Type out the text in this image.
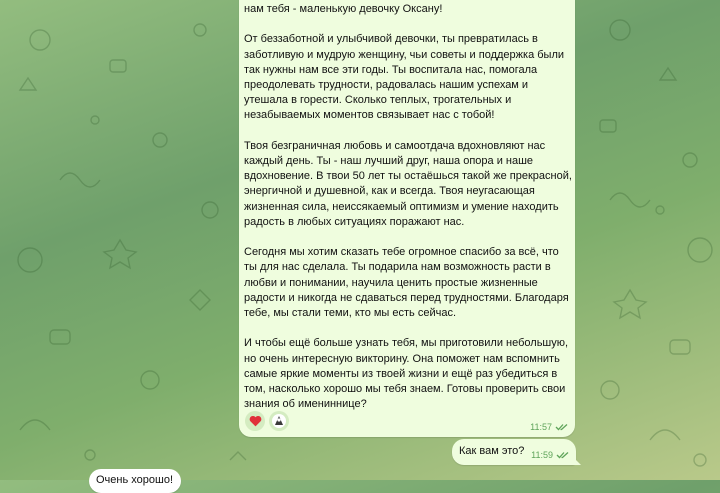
нам тебя - маленькую девочку Оксану!

От беззаботной и улыбчивой девочки, ты превратилась в заботливую и мудрую женщину, чьи советы и поддержка были так нужны нам все эти годы. Ты воспитала нас, помогала преодолевать трудности, радовалась нашим успехам и утешала в горести. Сколько теплых, трогательных и незабываемых моментов связывает нас с тобой!

Твоя безграничная любовь и самоотдача вдохновляют нас каждый день. Ты - наш лучший друг, наша опора и наше вдохновение. В твои 50 лет ты остаёшься такой же прекрасной, энергичной и душевной, как и всегда. Твоя неугасающая жизненная сила, неиссякаемый оптимизм и умение находить радость в любых ситуациях поражают нас.

Сегодня мы хотим сказать тебе огромное спасибо за всё, что ты для нас сделала. Ты подарила нам возможность расти в любви и понимании, научила ценить простые жизненные радости и никогда не сдаваться перед трудностями. Благодаря тебе, мы стали теми, кто мы есть сейчас.

И чтобы ещё больше узнать тебя, мы приготовили небольшую, но очень интересную викторину. Она поможет нам вспомнить самые яркие моменты из твоей жизни и ещё раз убедиться в том, насколько хорошо мы тебя знаем. Готовы проверить свои знания об имениннице?
11:57
Как вам это? 11:59
Очень хорошо!
